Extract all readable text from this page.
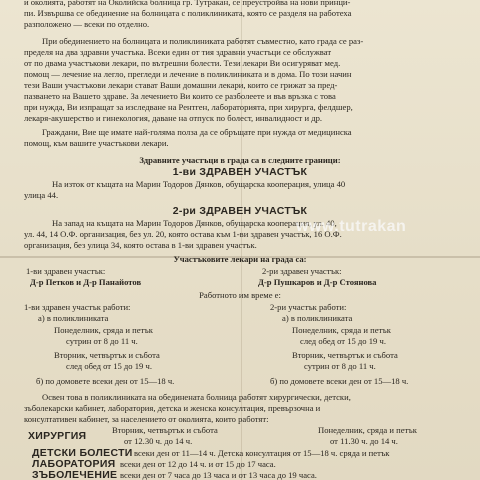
и околията, работят на Околийска болница гр. Тутракан, се преустройва на нови принци-
пи. Извършва се обединение на болницата с поликлиниката, която се разделя на работеха
разположено — всеки по отделно.
При обединението на болницата и поликлиниката работят съвместно, като града се раз-
пределя на два здравни участъка. Всеки един от тия здравни участъци се обслужват
от по двама участъкови лекари, по вътрешни болести. Тези лекари Ви осигуряват мед.
помощ — лечение на легло, прегледи и лечение в поликлиниката и в дома. По този начин
тези Ваши участъкови лекари стават Ваши домашни лекари, които се грижат за пред-
пазването на Вашето здраве. За лечението Ви които се разболеете и във връзка с това
при нужда, Ви изпращат за изследване на Рентген, лабораторията, при хирурга, фелдшер,
лекаря-акушерство и гинекология, даване на отпуск по болест, инвалидност и др.
Граждани, Вие ще имате най-голяма полза да се обръщате при нужда от медицинска
помощ, към вашите участъкови лекари.
Здравните участъци в града са в следните граници:
1-ви ЗДРАВЕН УЧАСТЪК
На изток от къщата на Марин Тодоров Дянков, обущарска кооперация, улица 40
улица 44.
2-ри ЗДРАВЕН УЧАСТЪК
На запад на къщата на Марин Тодоров Дянков, обущарска кооперация, ул. 40,
ул. 44, 14 О.Ф. организация, без ул. 20, която остава към 1-ви здравен участък, 16 О.Ф.
организация, без улица 34, която остава в 1-ви здравен участък.
Участъковите лекари на града са:
1-ви здравен участък:
Д-р Петков и Д-р Панайотов
2-ри здравен участък:
Д-р Пушкаров и Д-р Стоянова
Работното им време е:
1-ви здравен участък работи:
а) в поликлиниката
Понеделник, сряда и петък
сутрин от 8 до 11 ч.
Вторник, четвъртък и събота
след обед от 15 до 19 ч.
б) по домовете всеки ден от 15—18 ч.
2-ри участък работи:
а) в поликлиниката
Понеделник, сряда и петък
след обед от 15 до 19 ч.
Вторник, четвъртък и събота
сутрин от 8 до 11 ч.
б) по домовете всеки ден от 15—18 ч.
www.tutrakan
Освен това в поликлиниката на обединената болница работят хирургически, детски,
зъболекарски кабинет, лаборатория, детска и женска консултация, превързочна и
консултативен кабинет, за населението от околията, които работят:
ХИРУРГИЯ	Вторник, четвъртък и събота
от 12.30 ч. до 14 ч.
Понеделник, сряда и петък
от 11.30 ч. до 14 ч.
ДЕТСКИ БОЛЕСТИ всеки ден от 11—14 ч. Детска консултация от 15—18 ч. сряда и петък
ЛАБОРАТОРИЯ всеки ден от 12 до 14 ч. и от 15 до 17 часа.
ЗЪБОЛЕЧЕНИЕ всеки ден от 7 часа до 13 часа и от 13 часа до 19 часа.
